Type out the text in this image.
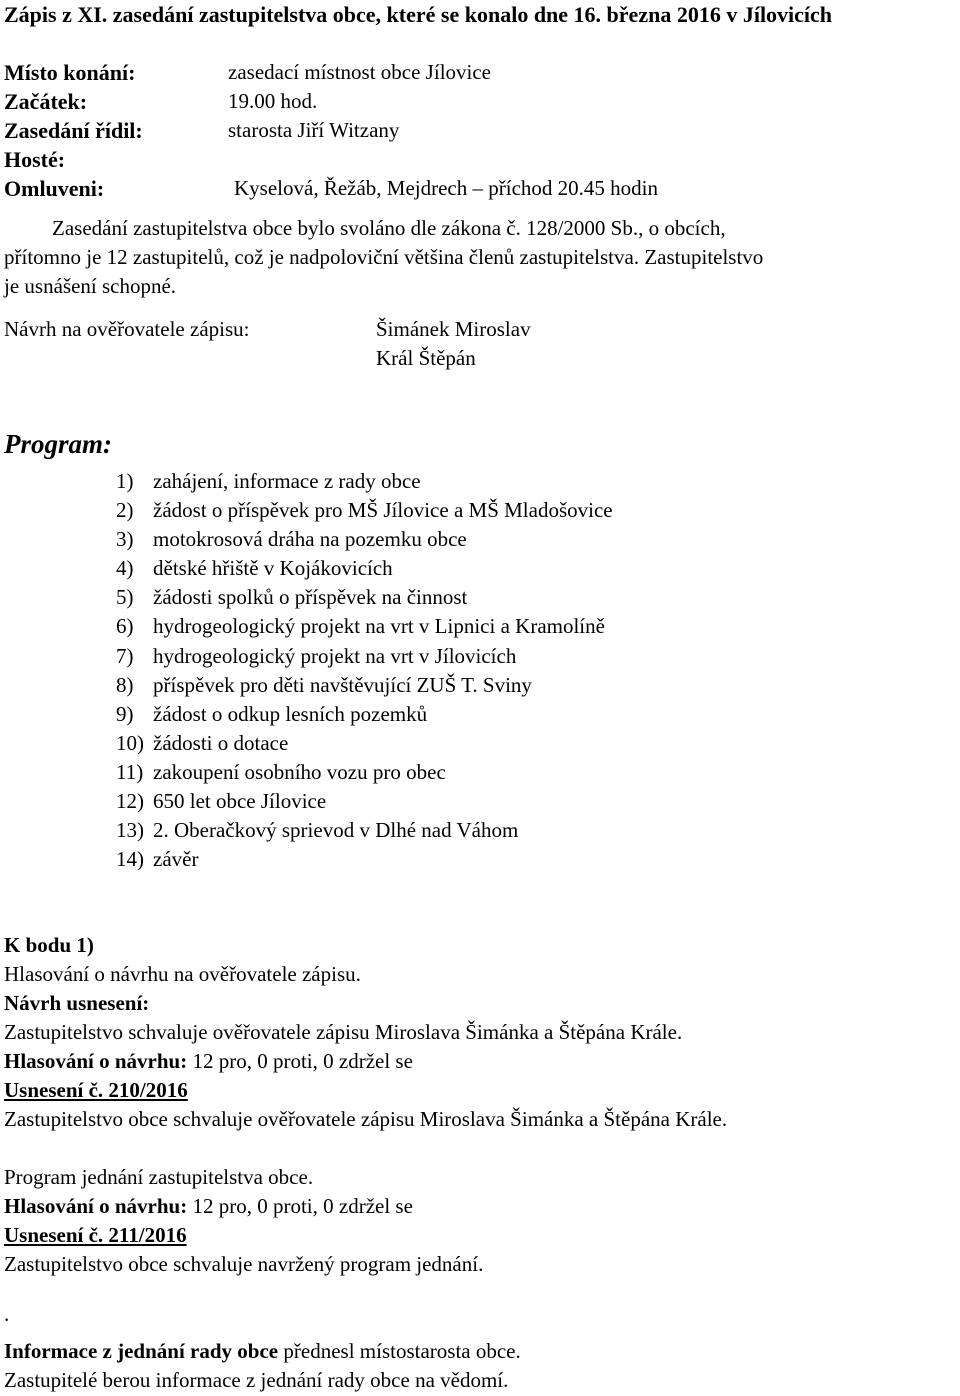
Zápis z XI. zasedání zastupitelstva obce, které se konalo dne 16. března 2016 v Jílovicích
Místo konání:	zasedací místnost obce Jílovice
Začátek:	19.00 hod.
Zasedání řídil:	starosta Jiří Witzany
Hosté:
Omluveni:	Kyselová, Řežáb, Mejdrech – příchod 20.45 hodin
Zasedání zastupitelstva obce bylo svoláno dle zákona č. 128/2000 Sb., o obcích,
přítomno je 12 zastupitelů, což je nadpoloviční většina členů zastupitelstva. Zastupitelstvo
je usnášení schopné.
Návrh na ověřovatele zápisu:	Šimánek Miroslav
Král Štěpán
Program:
1) zahájení, informace z rady obce
2) žádost o příspěvek pro MŠ Jílovice a MŠ Mladošovice
3) motokrosová dráha na pozemku obce
4) dětské hřiště v Kojákovicích
5) žádosti spolků o příspěvek na činnost
6) hydrogeologický projekt na vrt v Lipnici a Kramolíně
7) hydrogeologický projekt na vrt v Jílovicích
8) příspěvek pro děti navštěvující ZUŠ T. Sviny
9) žádost o odkup lesních pozemků
10) žádosti o dotace
11) zakoupení osobního vozu pro obec
12) 650 let obce Jílovice
13) 2. Oberačkový sprievod v Dlhé nad Váhom
14) závěr
K bodu 1)
Hlasování o návrhu na ověřovatele zápisu.
Návrh usnesení:
Zastupitelstvo schvaluje ověřovatele zápisu Miroslava Šimánka a Štěpána Krále.
Hlasování o návrhu: 12 pro, 0 proti, 0 zdržel se
Usnesení č. 210/2016
Zastupitelstvo obce schvaluje ověřovatele zápisu Miroslava Šimánka a Štěpána Krále.
Program jednání zastupitelstva obce.
Hlasování o návrhu: 12 pro, 0 proti, 0 zdržel se
Usnesení č. 211/2016
Zastupitelstvo obce schvaluje navržený program jednání.
.
Informace z jednání rady obce přednesl místostarosta obce.
Zastupitelé berou informace z jednání rady obce na vědomí.
